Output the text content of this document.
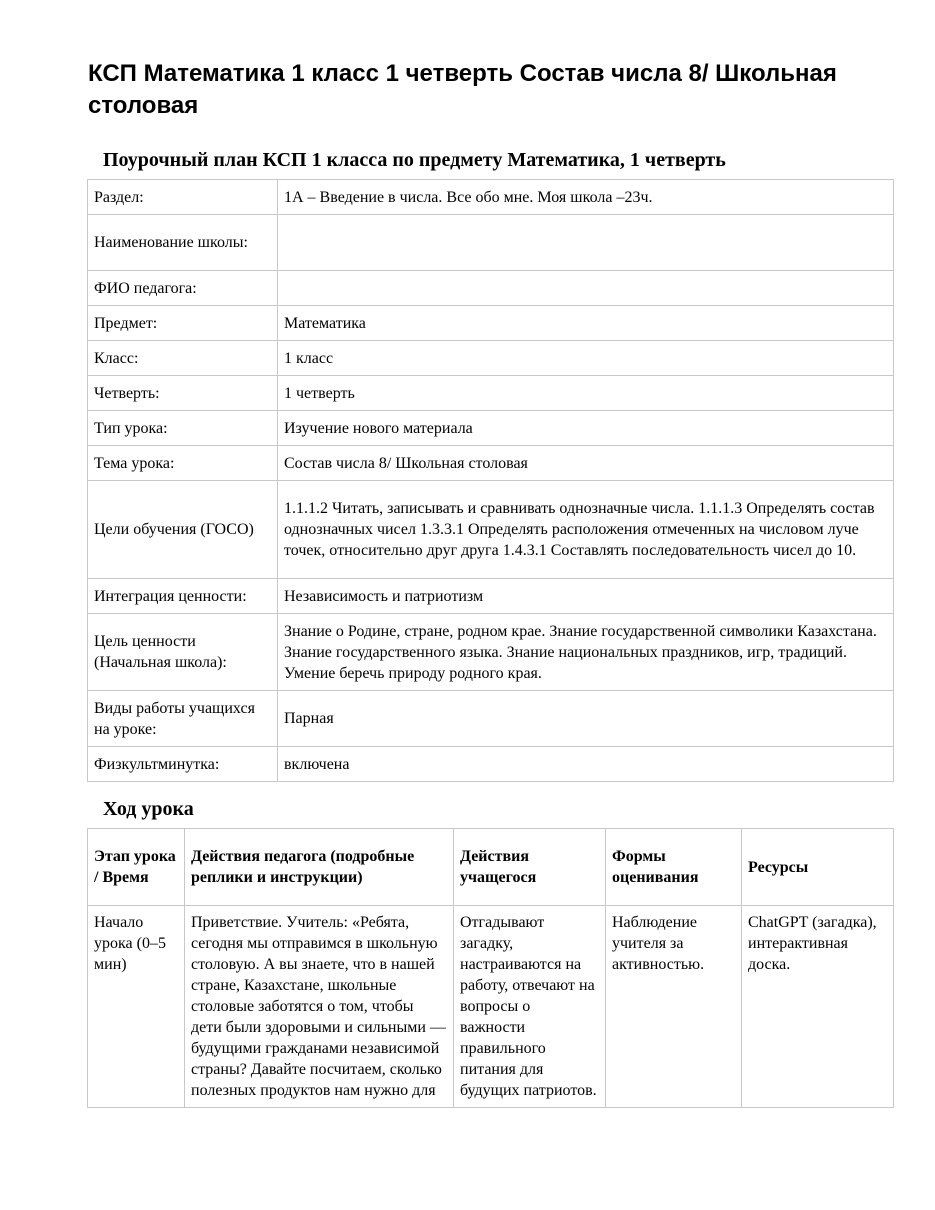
КСП Математика 1 класс 1 четверть Состав числа 8/ Школьная столовая
Поурочный план КСП 1 класса по предмету Математика, 1 четверть
Раздел:	1А – Введение в числа. Все обо мне. Моя школа –23ч.
Наименование школы:	
ФИО педагога:	
Предмет:	Математика
Класс:	1 класс
Четверть:	1 четверть
Тип урока:	Изучение нового материала
Тема урока:	Состав числа 8/ Школьная столовая
Цели обучения (ГОСО)	1.1.1.2 Читать, записывать и сравнивать однозначные числа. 1.1.1.3 Определять состав однозначных чисел 1.3.3.1 Определять расположения отмеченных на числовом луче точек, относительно друг друга 1.4.3.1 Составлять последовательность чисел до 10.
Интеграция ценности:	Независимость и патриотизм
Цель ценности (Начальная школа):	Знание о Родине, стране, родном крае. Знание государственной символики Казахстана. Знание государственного языка. Знание национальных праздников, игр, традиций. Умение беречь природу родного края.
Виды работы учащихся на уроке:	Парная
Физкультминутка:	включена
Ход урока
Этап урока / Время	Действия педагога (подробные реплики и инструкции)	Действия учащегося	Формы оценивания	Ресурсы
Начало урока (0–5 мин)	Приветствие. Учитель: «Ребята, сегодня мы отправимся в школьную столовую. А вы знаете, что в нашей стране, Казахстане, школьные столовые заботятся о том, чтобы дети были здоровыми и сильными — будущими гражданами независимой страны? Давайте посчитаем, сколько полезных продуктов нам нужно для	Отгадывают загадку, настраиваются на работу, отвечают на вопросы о важности правильного питания для будущих патриотов.	Наблюдение учителя за активностью.	ChatGPT (загадка), интерактивная доска.
